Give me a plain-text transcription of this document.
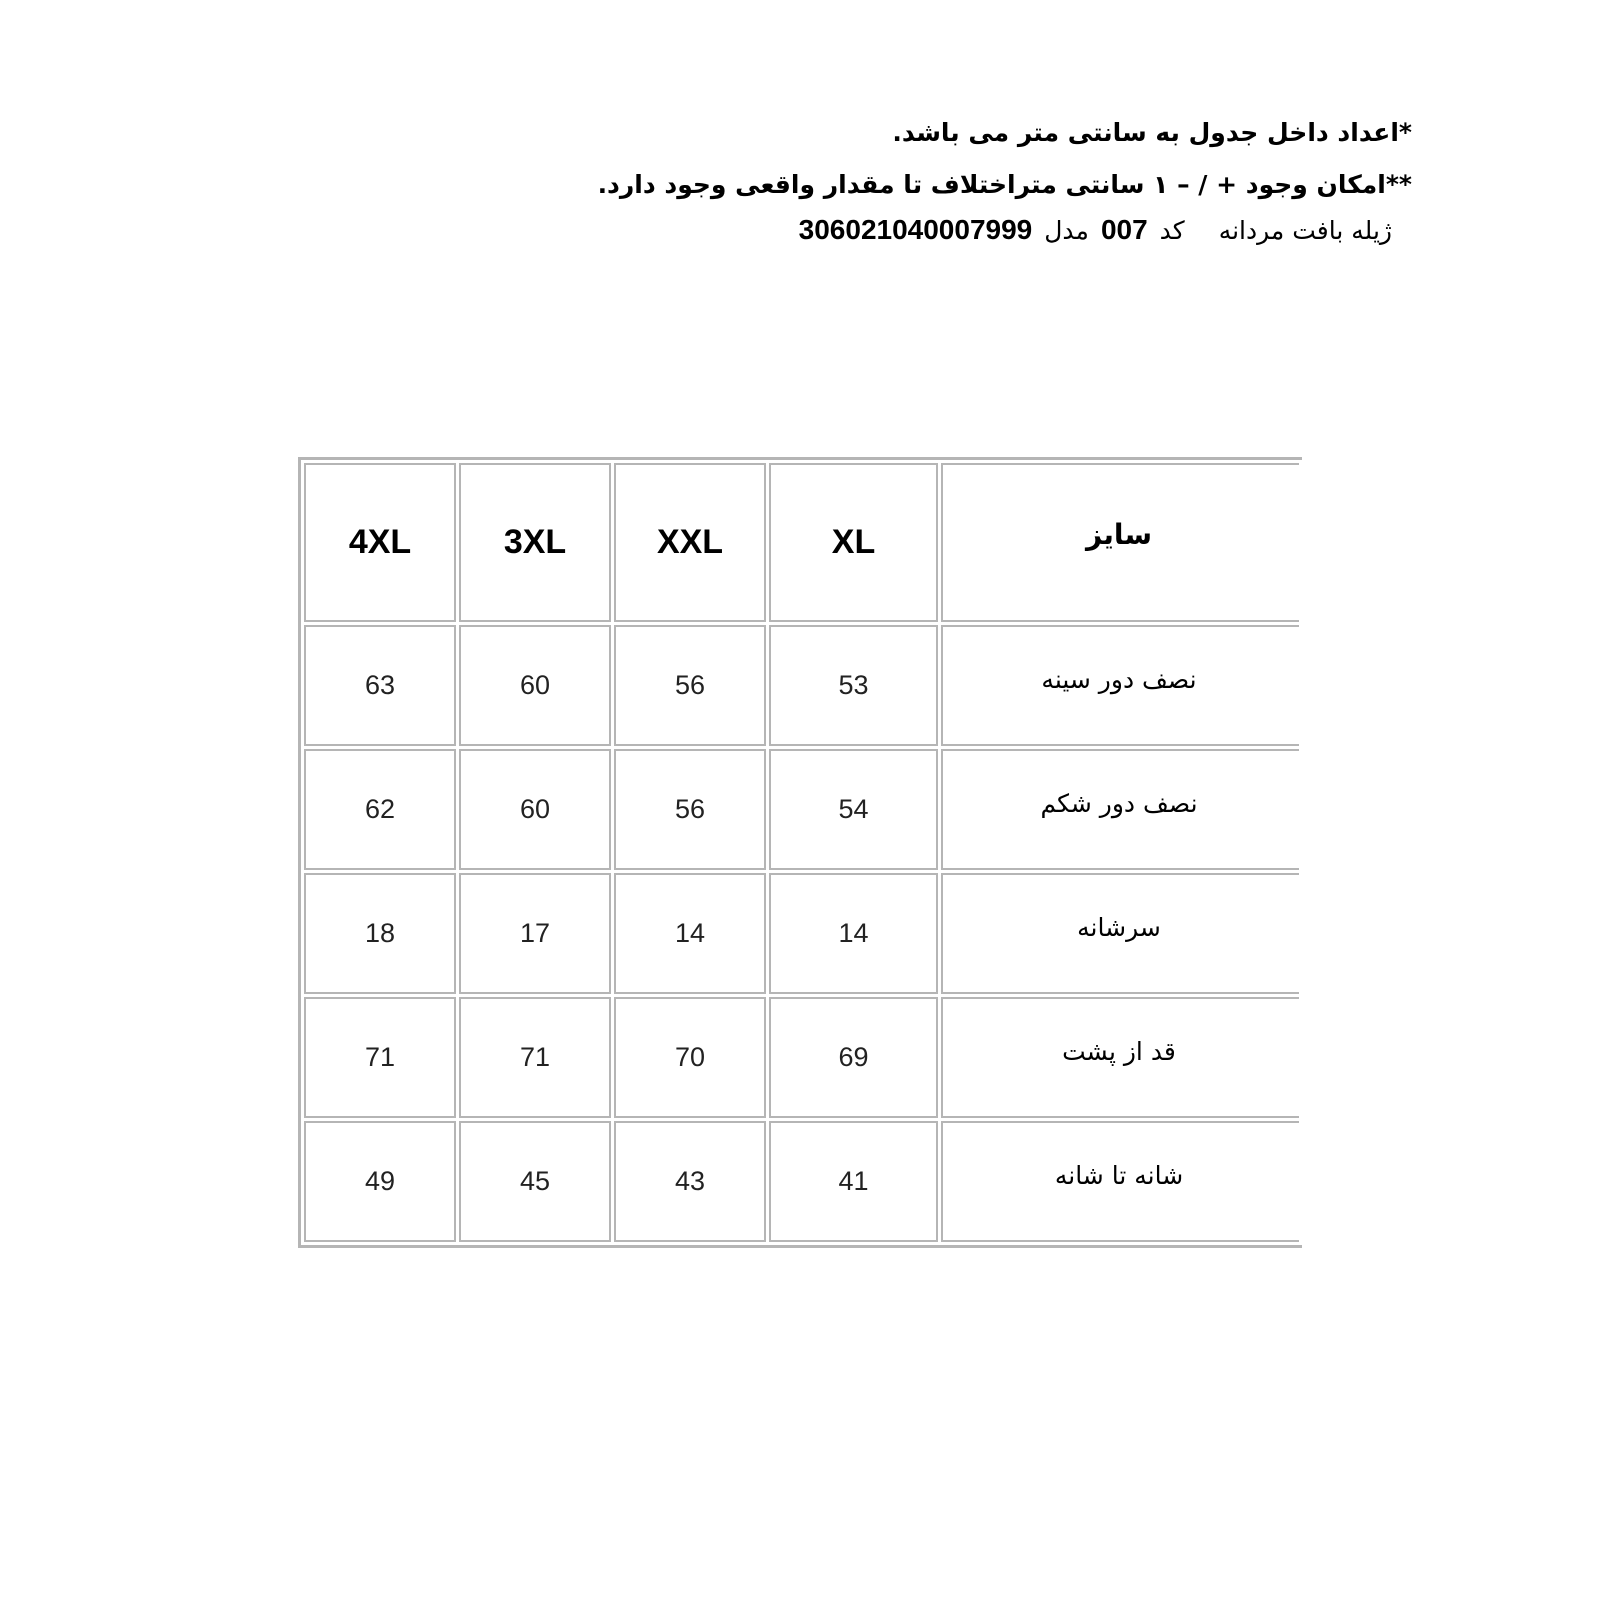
*اعداد داخل جدول به سانتی متر می باشد.
**امکان وجود + / – ۱ سانتی متراختلاف تا مقدار واقعی وجود دارد.
ژیله بافت مردانهکد007مدل306021040007999
4XL	3XL	XXL	XL	سایز
63	60	56	53	نصف دور سینه
62	60	56	54	نصف دور شکم
18	17	14	14	سرشانه
71	71	70	69	قد از پشت
49	45	43	41	شانه تا شانه
